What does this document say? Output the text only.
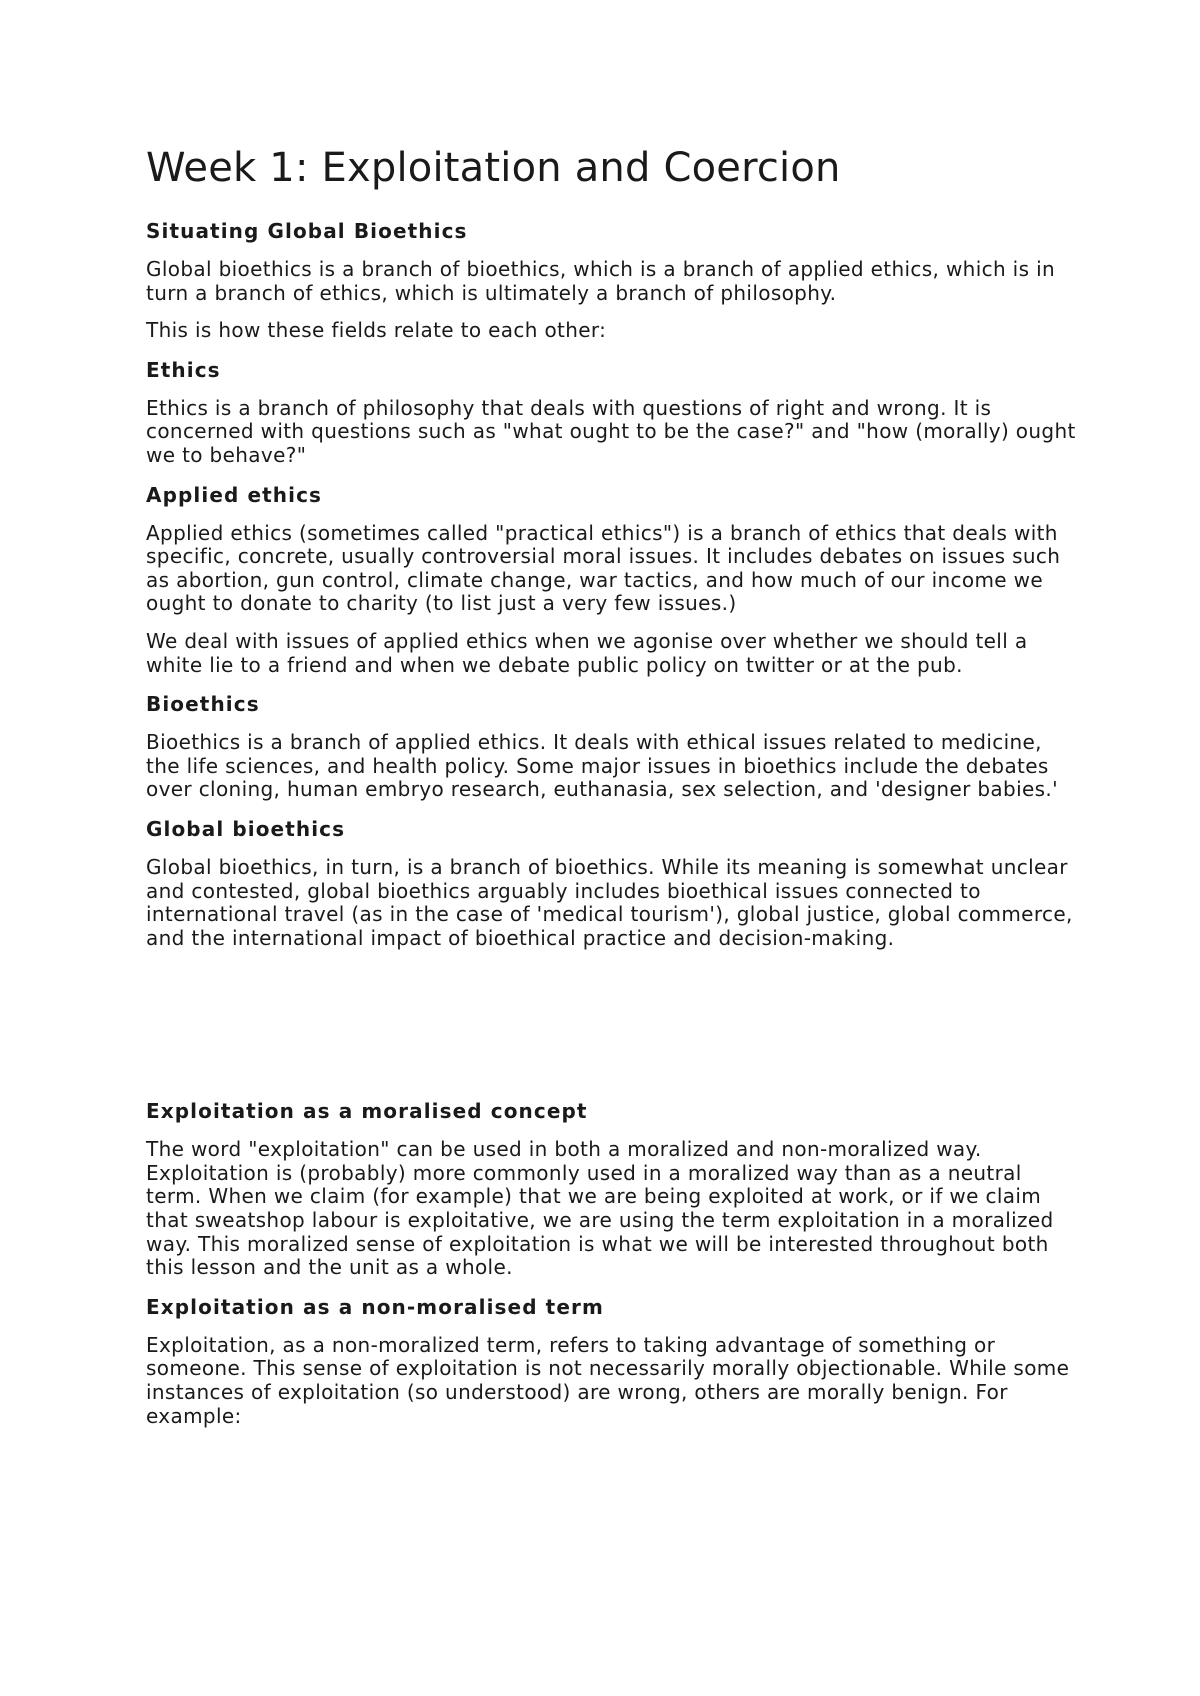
Week 1: Exploitation and Coercion
Situating Global Bioethics

Global bioethics is a branch of bioethics, which is a branch of applied ethics, which is in turn a branch of ethics, which is ultimately a branch of philosophy.

This is how these fields relate to each other:

Ethics

Ethics is a branch of philosophy that deals with questions of right and wrong. It is concerned with questions such as "what ought to be the case?" and "how (morally) ought we to behave?"

Applied ethics

Applied ethics (sometimes called "practical ethics") is a branch of ethics that deals with specific, concrete, usually controversial moral issues. It includes debates on issues such as abortion, gun control, climate change, war tactics, and how much of our income we ought to donate to charity (to list just a very few issues.)

We deal with issues of applied ethics when we agonise over whether we should tell a white lie to a friend and when we debate public policy on twitter or at the pub.

Bioethics

Bioethics is a branch of applied ethics. It deals with ethical issues related to medicine, the life sciences, and health policy. Some major issues in bioethics include the debates over cloning, human embryo research, euthanasia, sex selection, and 'designer babies.'

Global bioethics

Global bioethics, in turn, is a branch of bioethics. While its meaning is somewhat unclear and contested, global bioethics arguably includes bioethical issues connected to international travel (as in the case of 'medical tourism'), global justice, global commerce, and the international impact of bioethical practice and decision-making.

Exploitation as a moralised concept

The word "exploitation" can be used in both a moralized and non-moralized way. Exploitation is (probably) more commonly used in a moralized way than as a neutral term. When we claim (for example) that we are being exploited at work, or if we claim that sweatshop labour is exploitative, we are using the term exploitation in a moralized way. This moralized sense of exploitation is what we will be interested throughout both this lesson and the unit as a whole.

Exploitation as a non-moralised term

Exploitation, as a non-moralized term, refers to taking advantage of something or someone. This sense of exploitation is not necessarily morally objectionable. While some instances of exploitation (so understood) are wrong, others are morally benign. For example:
